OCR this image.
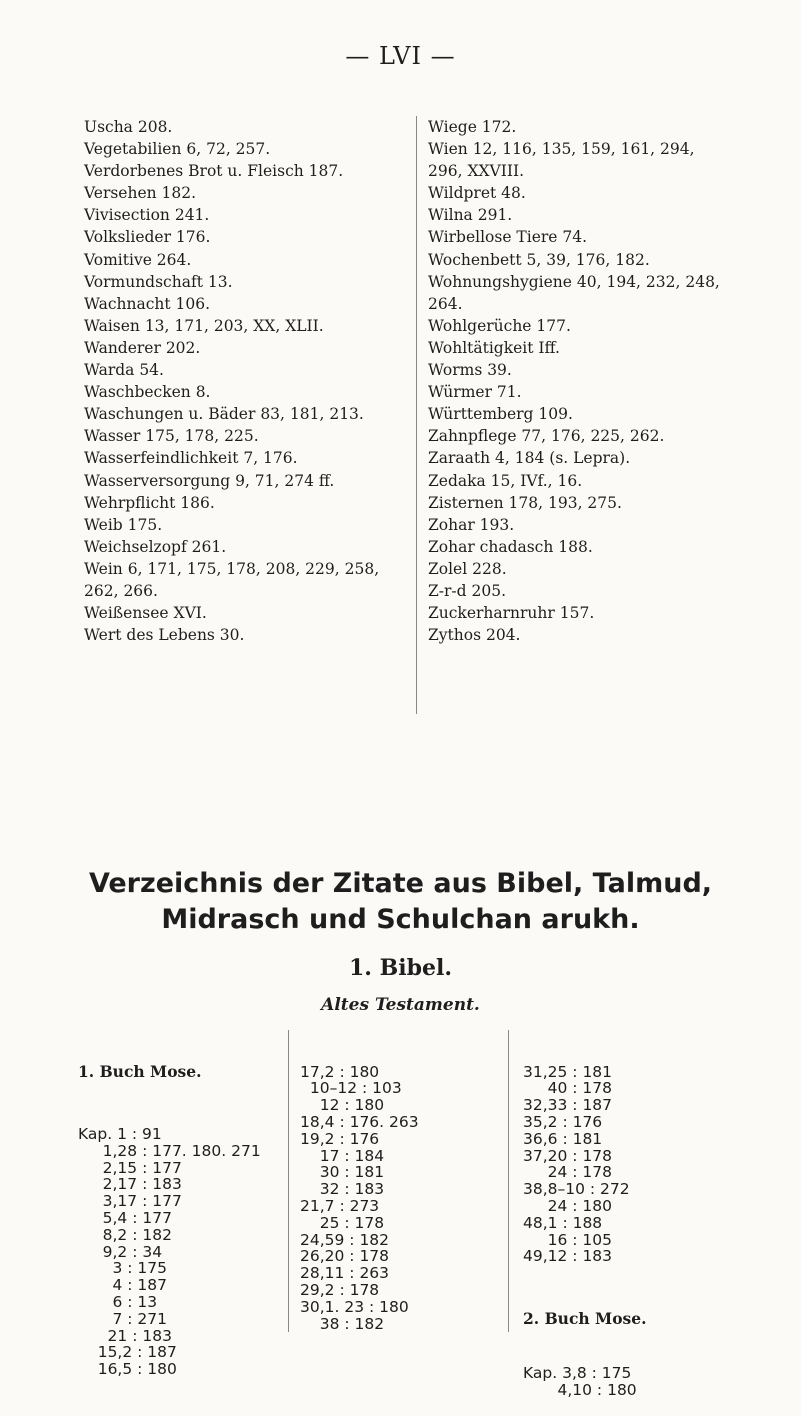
— LVI —
Uscha 208.
Vegetabilien 6, 72, 257.
Verdorbenes Brot u. Fleisch 187.
Versehen 182.
Vivisection 241.
Volkslieder 176.
Vomitive 264.
Vormundschaft 13.
Wachnacht 106.
Waisen 13, 171, 203, XX, XLII.
Wanderer 202.
Warda 54.
Waschbecken 8.
Waschungen u. Bäder 83, 181, 213.
Wasser 175, 178, 225.
Wasserfeindlichkeit 7, 176.
Wasserversorgung 9, 71, 274 ff.
Wehrpflicht 186.
Weib 175.
Weichselzopf 261.
Wein 6, 171, 175, 178, 208, 229, 258,
262, 266.
Weißensee XVI.
Wert des Lebens 30.
Wiege 172.
Wien 12, 116, 135, 159, 161, 294,
296, XXVIII.
Wildpret 48.
Wilna 291.
Wirbellose Tiere 74.
Wochenbett 5, 39, 176, 182.
Wohnungshygiene 40, 194, 232, 248,
264.
Wohlgerüche 177.
Wohltätigkeit Iff.
Worms 39.
Würmer 71.
Württemberg 109.
Zahnpflege 77, 176, 225, 262.
Zaraath 4, 184 (s. Lepra).
Zedaka 15, IVf., 16.
Zisternen 178, 193, 275.
Zohar 193.
Zohar chadasch 188.
Zolel 228.
Z-r-d 205.
Zuckerharnruhr 157.
Zythos 204.
Verzeichnis der Zitate aus Bibel, Talmud,
Midrasch und Schulchan arukh.
1. Bibel.
Altes Testament.

1. Buch Mose.

Kap. 1 : 91
1,28 : 177. 180. 271
2,15 : 177
2,17 : 183
3,17 : 177
5,4 : 177
8,2 : 182
9,2 : 34
3 : 175
4 : 187
6 : 13
7 : 271
21 : 183
15,2 : 187
16,5 : 180

17,2 : 180
10–12 : 103
12 : 180
18,4 : 176. 263
19,2 : 176
17 : 184
30 : 181
32 : 183
21,7 : 273
25 : 178
24,59 : 182
26,20 : 178
28,11 : 263
29,2 : 178
30,1. 23 : 180
38 : 182

31,25 : 181
40 : 178
32,33 : 187
35,2 : 176
36,6 : 181
37,20 : 178
24 : 178
38,8–10 : 272
24 : 180
48,1 : 188
16 : 105
49,12 : 183

2. Buch Mose.

Kap. 3,8 : 175
4,10 : 180
